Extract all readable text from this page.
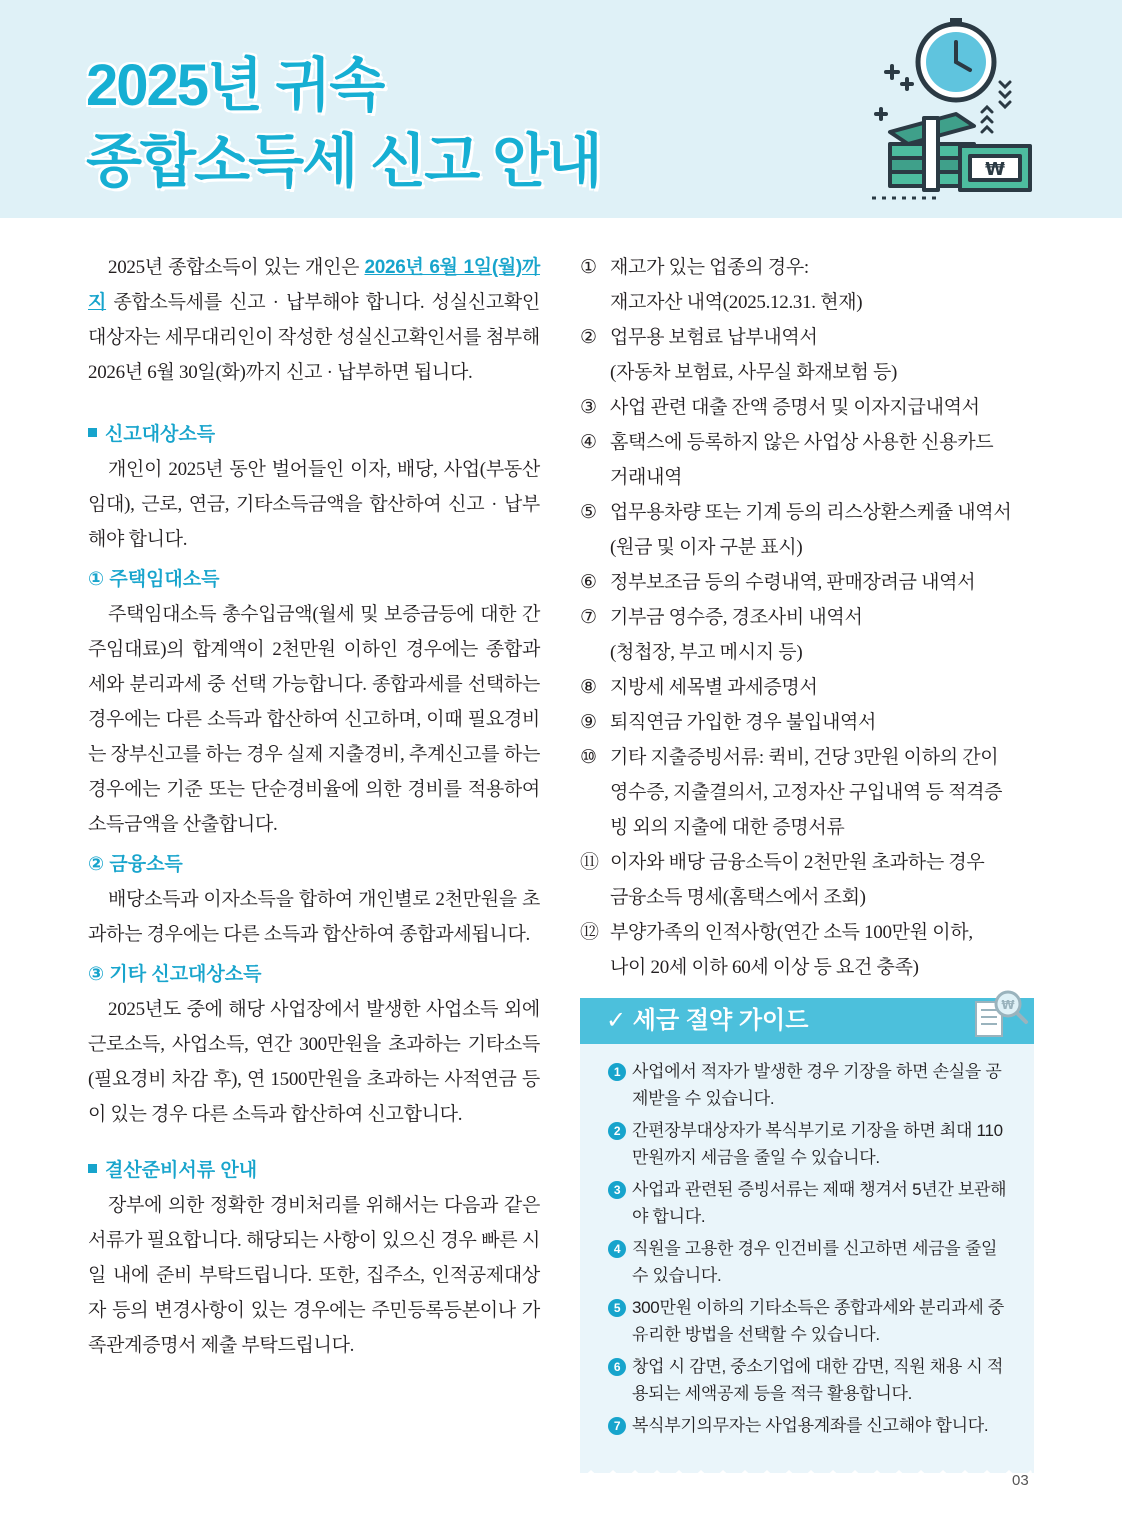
2025년 귀속
종합소득세 신고 안내	₩

2025년 종합소득이 있는 개인은 2026년 6월 1일(월)까지 종합소득세를 신고 · 납부해야 합니다. 성실신고확인대상자는 세무대리인이 작성한 성실신고확인서를 첨부해 2026년 6월 30일(화)까지 신고 · 납부하면 됩니다.

신고대상소득

개인이 2025년 동안 벌어들인 이자, 배당, 사업(부동산임대), 근로, 연금, 기타소득금액을 합산하여 신고 · 납부해야 합니다.

① 주택임대소득

주택임대소득 총수입금액(월세 및 보증금등에 대한 간주임대료)의 합계액이 2천만원 이하인 경우에는 종합과세와 분리과세 중 선택 가능합니다. 종합과세를 선택하는 경우에는 다른 소득과 합산하여 신고하며, 이때 필요경비는 장부신고를 하는 경우 실제 지출경비, 추계신고를 하는 경우에는 기준 또는 단순경비율에 의한 경비를 적용하여 소득금액을 산출합니다.

② 금융소득

배당소득과 이자소득을 합하여 개인별로 2천만원을 초과하는 경우에는 다른 소득과 합산하여 종합과세됩니다.

③ 기타 신고대상소득

2025년도 중에 해당 사업장에서 발생한 사업소득 외에 근로소득, 사업소득, 연간 300만원을 초과하는 기타소득(필요경비 차감 후), 연 1500만원을 초과하는 사적연금 등이 있는 경우 다른 소득과 합산하여 신고합니다.

결산준비서류 안내

장부에 의한 정확한 경비처리를 위해서는 다음과 같은 서류가 필요합니다. 해당되는 사항이 있으신 경우 빠른 시일 내에 준비 부탁드립니다. 또한, 집주소, 인적공제대상자 등의 변경사항이 있는 경우에는 주민등록등본이나 가족관계증명서 제출 부탁드립니다.

① 재고가 있는 업종의 경우:
재고자산 내역(2025.12.31. 현재)
② 업무용 보험료 납부내역서
(자동차 보험료, 사무실 화재보험 등)
③ 사업 관련 대출 잔액 증명서 및 이자지급내역서
④ 홈택스에 등록하지 않은 사업상 사용한 신용카드
거래내역
⑤ 업무용차량 또는 기계 등의 리스상환스케쥴 내역서
(원금 및 이자 구분 표시)
⑥ 정부보조금 등의 수령내역, 판매장려금 내역서
⑦ 기부금 영수증, 경조사비 내역서
(청첩장, 부고 메시지 등)
⑧ 지방세 세목별 과세증명서
⑨ 퇴직연금 가입한 경우 불입내역서
⑩ 기타 지출증빙서류: 퀵비, 건당 3만원 이하의 간이
영수증, 지출결의서, 고정자산 구입내역 등 적격증
빙 외의 지출에 대한 증명서류
⑪ 이자와 배당 금융소득이 2천만원 초과하는 경우
금융소득 명세(홈택스에서 조회)
⑫ 부양가족의 인적사항(연간 소득 100만원 이하,
나이 20세 이하 60세 이상 등 요건 충족)
✓ 세금 절약 가이드
₩
1 사업에서 적자가 발생한 경우 기장을 하면 손실을 공제받을 수 있습니다.
2 간편장부대상자가 복식부기로 기장을 하면 최대 110만원까지 세금을 줄일 수 있습니다.
3 사업과 관련된 증빙서류는 제때 챙겨서 5년간 보관해야 합니다.
4 직원을 고용한 경우 인건비를 신고하면 세금을 줄일 수 있습니다.
5 300만원 이하의 기타소득은 종합과세와 분리과세 중 유리한 방법을 선택할 수 있습니다.
6 창업 시 감면, 중소기업에 대한 감면, 직원 채용 시 적용되는 세액공제 등을 적극 활용합니다.
7 복식부기의무자는 사업용계좌를 신고해야 합니다.
03
